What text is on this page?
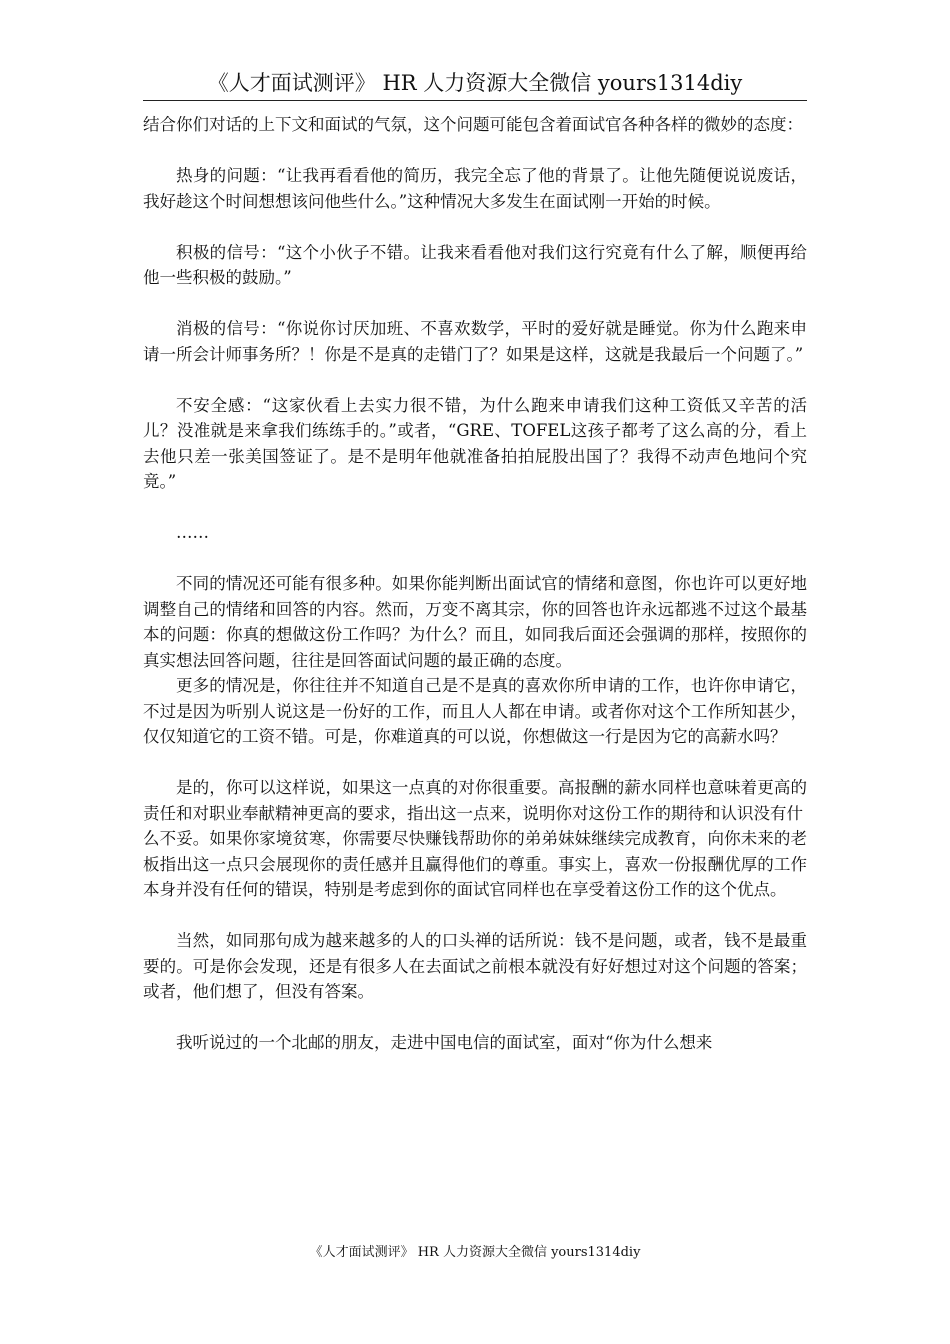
《人才面试测评》 HR 人力资源大全微信 yours1314diy

结合你们对话的上下文和面试的气氛，这个问题可能包含着面试官各种各样的微妙的态度：

热身的问题：“让我再看看他的简历，我完全忘了他的背景了。让他先随便说说废话，我好趁这个时间想想该问他些什么。”这种情况大多发生在面试刚一开始的时候。

积极的信号：“这个小伙子不错。让我来看看他对我们这行究竟有什么了解，顺便再给他一些积极的鼓励。”

消极的信号：“你说你讨厌加班、不喜欢数学，平时的爱好就是睡觉。你为什么跑来申请一所会计师事务所？！你是不是真的走错门了？如果是这样，这就是我最后一个问题了。”

不安全感：“这家伙看上去实力很不错，为什么跑来申请我们这种工资低又辛苦的活儿？没准就是来拿我们练练手的。”或者，“GRE、TOFEL这孩子都考了这么高的分，看上去他只差一张美国签证了。是不是明年他就准备拍拍屁股出国了？我得不动声色地问个究竟。”

……

不同的情况还可能有很多种。如果你能判断出面试官的情绪和意图，你也许可以更好地调整自己的情绪和回答的内容。然而，万变不离其宗，你的回答也许永远都逃不过这个最基本的问题：你真的想做这份工作吗？为什么？而且，如同我后面还会强调的那样，按照你的真实想法回答问题，往往是回答面试问题的最正确的态度。

更多的情况是，你往往并不知道自己是不是真的喜欢你所申请的工作，也许你申请它，不过是因为听别人说这是一份好的工作，而且人人都在申请。或者你对这个工作所知甚少，仅仅知道它的工资不错。可是，你难道真的可以说，你想做这一行是因为它的高薪水吗？

是的，你可以这样说，如果这一点真的对你很重要。高报酬的薪水同样也意味着更高的责任和对职业奉献精神更高的要求，指出这一点来，说明你对这份工作的期待和认识没有什

么不妥。如果你家境贫寒，你需要尽快赚钱帮助你的弟弟妹妹继续完成教育，向你未来的老板指出这一点只会展现你的责任感并且赢得他们的尊重。事实上，喜欢一份报酬优厚的工作本身并没有任何的错误，特别是考虑到你的面试官同样也在享受着这份工作的这个优点。

当然，如同那句成为越来越多的人的口头禅的话所说：钱不是问题，或者，钱不是最重要的。可是你会发现，还是有很多人在去面试之前根本就没有好好想过对这个问题的答案；或者，他们想了，但没有答案。

我听说过的一个北邮的朋友，走进中国电信的面试室，面对“你为什么想来

《人才面试测评》 HR 人力资源大全微信 yours1314diy
